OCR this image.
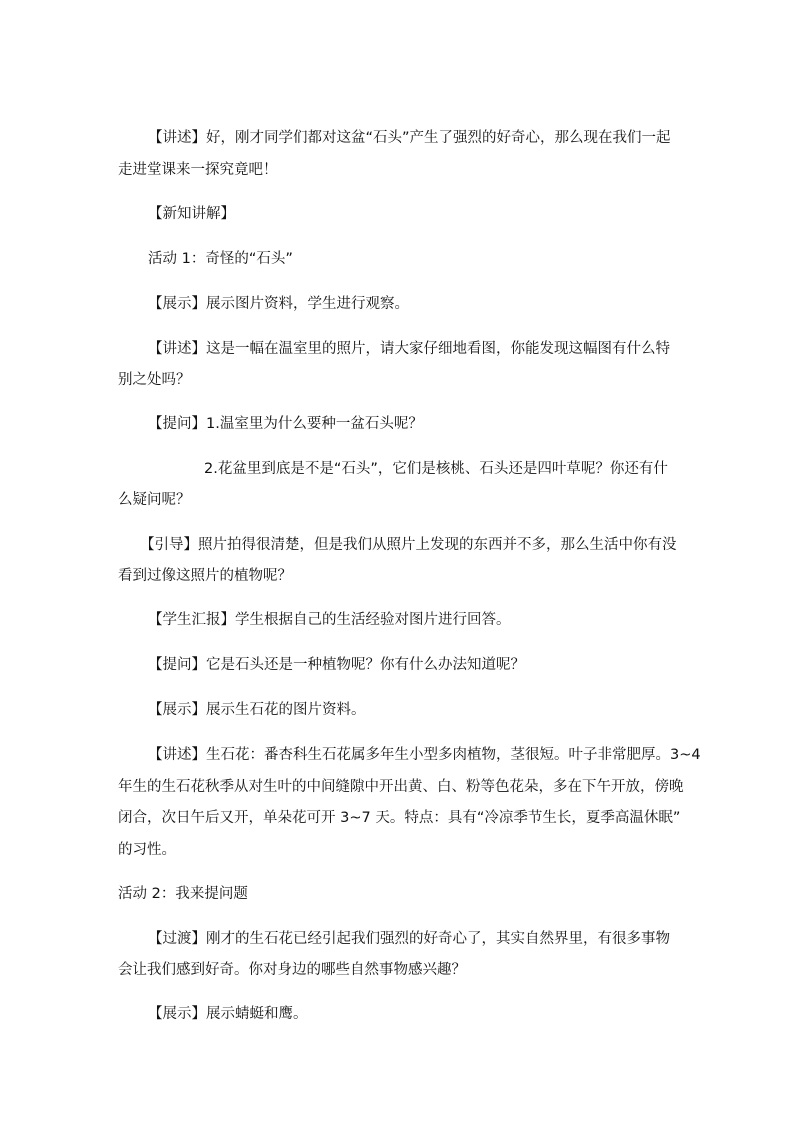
【讲述】好，刚才同学们都对这盆“石头”产生了强烈的好奇心，那么现在我们一起

走进堂课来一探究竟吧！

【新知讲解】

活动 1：奇怪的“石头”

【展示】展示图片资料，学生进行观察。

【讲述】这是一幅在温室里的照片，请大家仔细地看图，你能发现这幅图有什么特

别之处吗？

【提问】1.温室里为什么要种一盆石头呢？

2.花盆里到底是不是“石头”，它们是核桃、石头还是四叶草呢？你还有什

么疑问呢？

【引导】照片拍得很清楚，但是我们从照片上发现的东西并不多，那么生活中你有没

看到过像这照片的植物呢？

【学生汇报】学生根据自己的生活经验对图片进行回答。

【提问】它是石头还是一种植物呢？你有什么办法知道呢？

【展示】展示生石花的图片资料。

【讲述】生石花：番杏科生石花属多年生小型多肉植物，茎很短。叶子非常肥厚。3~4

年生的生石花秋季从对生叶的中间缝隙中开出黄、白、粉等色花朵，多在下午开放，傍晚

闭合，次日午后又开，单朵花可开 3~7 天。特点：具有“冷凉季节生长，夏季高温休眠”

的习性。

活动 2：我来提问题

【过渡】刚才的生石花已经引起我们强烈的好奇心了，其实自然界里，有很多事物

会让我们感到好奇。你对身边的哪些自然事物感兴趣？

【展示】展示蜻蜓和鹰。
